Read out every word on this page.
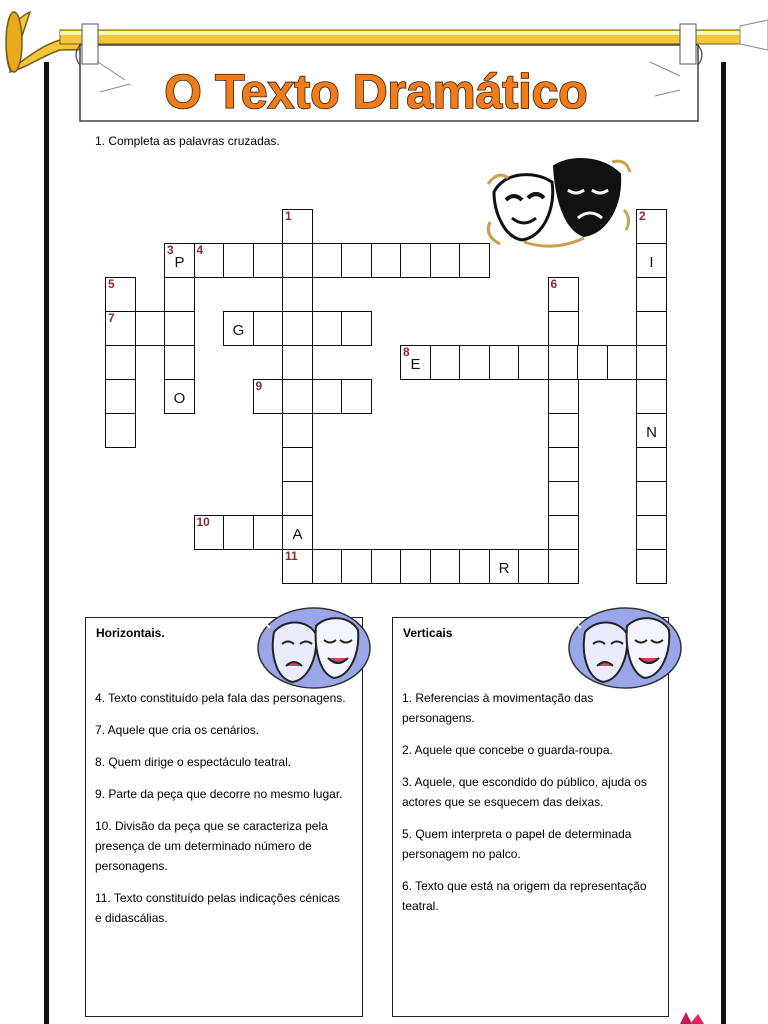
O Texto Dramático
1. Completa as palavras cruzadas.
1	2
3
P
4
I
5	6
7
G
8
E
O
9
N
10
A
11
R
Horizontais.
4. Texto constituído pela fala das personagens.
7. Aquele que cria os cenários.
8. Quem dirige o espectáculo teatral.
9. Parte da peça que decorre no mesmo lugar.
10. Divisão da peça que se caracteriza pela presença de um determinado número de personagens.
11. Texto constituído pelas indicações cénicas e didascálias.
Verticais
1. Referencias à movimentação das personagens.
2. Aquele que concebe o guarda-roupa.
3. Aquele, que escondido do público, ajuda os actores que se esquecem das deixas.
5. Quem interpreta o papel de determinada personagem no palco.
6. Texto que está na origem da representação teatral.
